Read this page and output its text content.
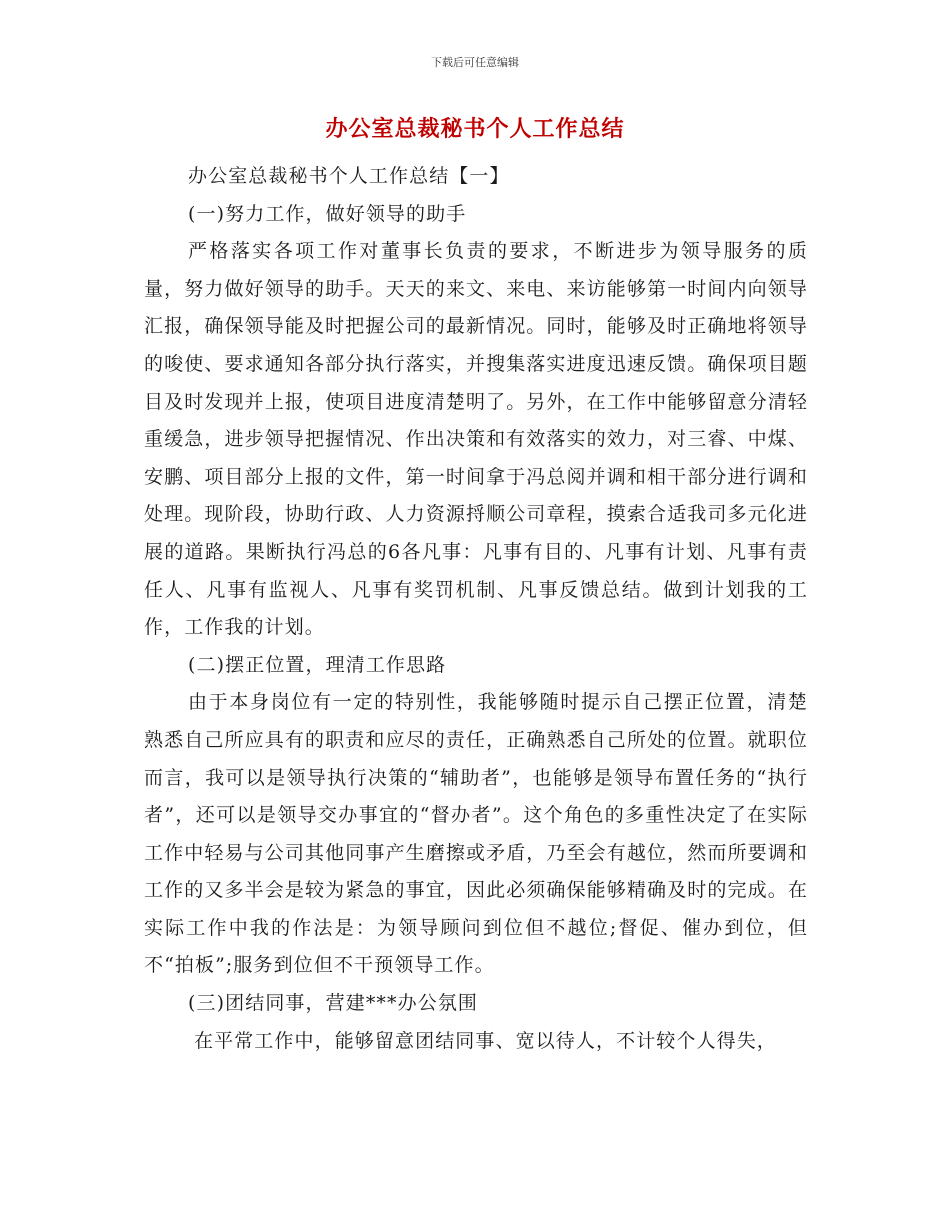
下载后可任意编辑
办公室总裁秘书个人工作总结

办公室总裁秘书个人工作总结【一】

(一)努力工作，做好领导的助手

严格落实各项工作对董事长负责的要求，不断进步为领导服务的质量，努力做好领导的助手。天天的来文、来电、来访能够第一时间内向领导汇报，确保领导能及时把握公司的最新情况。同时，能够及时正确地将领导的唆使、要求通知各部分执行落实，并搜集落实进度迅速反馈。确保项目题目及时发现并上报，使项目进度清楚明了。另外，在工作中能够留意分清轻重缓急，进步领导把握情况、作出决策和有效落实的效力，对三睿、中煤、安鹏、项目部分上报的文件，第一时间拿于冯总阅并调和相干部分进行调和处理。现阶段，协助行政、人力资源捋顺公司章程，摸索合适我司多元化进展的道路。果断执行冯总的6各凡事：凡事有目的、凡事有计划、凡事有责任人、凡事有监视人、凡事有奖罚机制、凡事反馈总结。做到计划我的工作，工作我的计划。

(二)摆正位置，理清工作思路

由于本身岗位有一定的特别性，我能够随时提示自己摆正位置，清楚熟悉自己所应具有的职责和应尽的责任，正确熟悉自己所处的位置。就职位而言，我可以是领导执行决策的“辅助者”，也能够是领导布置任务的“执行者”，还可以是领导交办事宜的“督办者”。这个角色的多重性决定了在实际工作中轻易与公司其他同事产生磨擦或矛盾，乃至会有越位，然而所要调和工作的又多半会是较为紧急的事宜，因此必须确保能够精确及时的完成。在实际工作中我的作法是：为领导顾问到位但不越位;督促、催办到位，但不“拍板”;服务到位但不干预领导工作。

(三)团结同事，营建***办公氛围

在平常工作中，能够留意团结同事、宽以待人，不计较个人得失，
